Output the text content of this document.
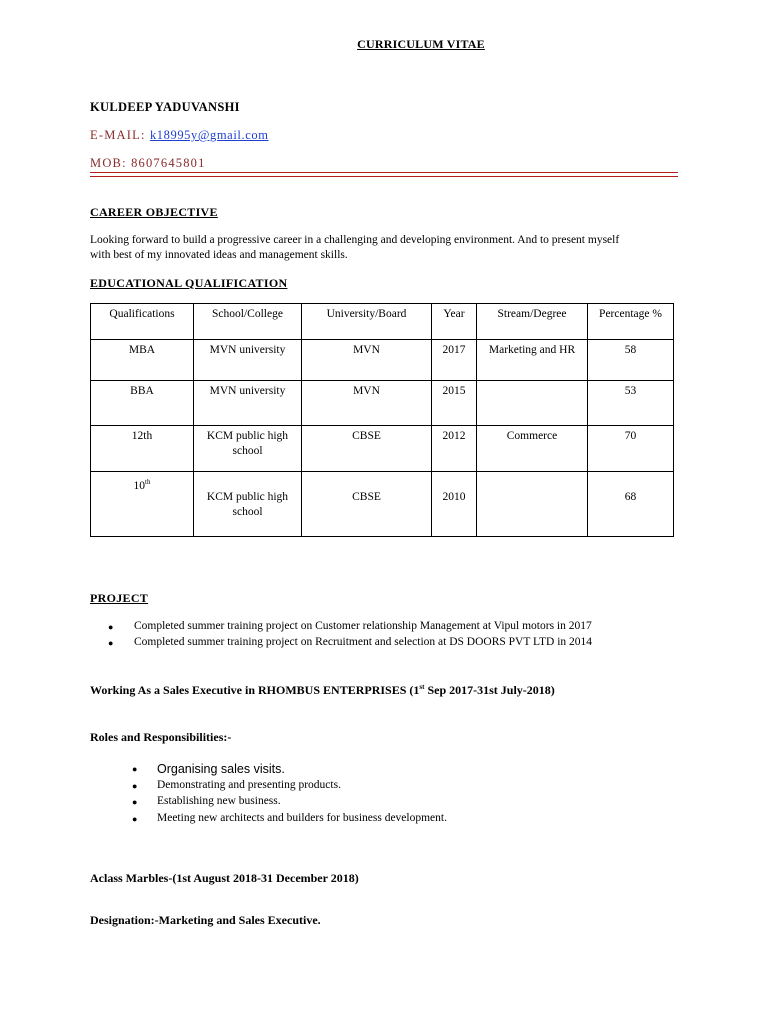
CURRICULUM VITAE
KULDEEP YADUVANSHI
E-MAIL: k18995y@gmail.com
MOB: 8607645801
CAREER OBJECTIVE
Looking forward to build a progressive career in a challenging and developing environment. And to present myself
with best of my innovated ideas and management skills.
EDUCATIONAL QUALIFICATION
Qualifications	School/College	University/Board	Year	Stream/Degree	Percentage %
MBA	MVN university	MVN	2017	Marketing and HR	58
BBA	MVN university	MVN	2015		53
12th	KCM public high school	CBSE	2012	Commerce	70
10th	KCM public high school	CBSE	2010		68
PROJECT
● Completed summer training project on Customer relationship Management at Vipul motors in 2017
● Completed summer training project on Recruitment and selection at DS DOORS PVT LTD in 2014
Working As a Sales Executive in RHOMBUS ENTERPRISES (1st Sep 2017-31st July-2018)
Roles and Responsibilities:-
● Organising sales visits.
● Demonstrating and presenting products.
● Establishing new business.
● Meeting new architects and builders for business development.
Aclass Marbles-(1st August 2018-31 December 2018)
Designation:-Marketing and Sales Executive.
